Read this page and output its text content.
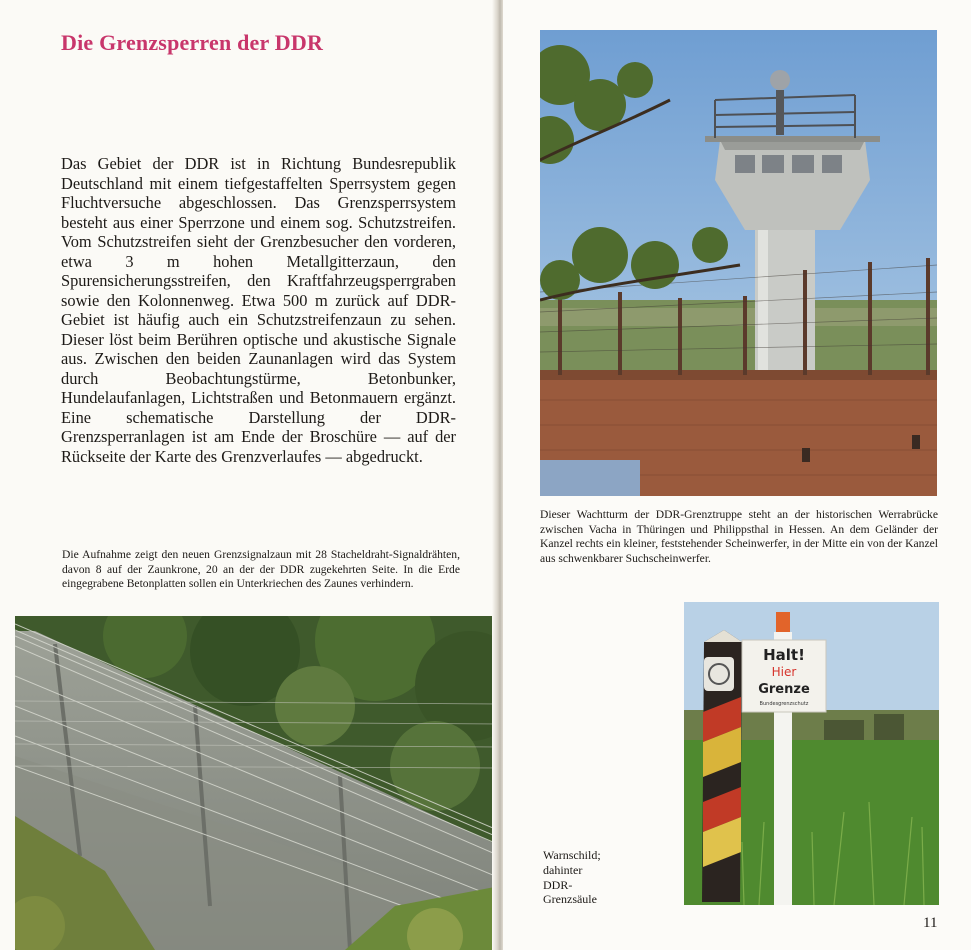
Die Grenzsperren der DDR

Das Gebiet der DDR ist in Richtung Bundesrepublik Deutschland mit einem tiefgestaffelten Sperrsystem gegen Fluchtversuche abgeschlossen. Das Grenzsperrsystem besteht aus einer Sperrzone und einem sog. Schutzstreifen. Vom Schutzstreifen sieht der Grenzbesucher den vorderen, etwa 3 m hohen Metallgitterzaun, den Spurensicherungsstreifen, den Kraftfahrzeugsperrgraben sowie den Kolonnenweg. Etwa 500 m zurück auf DDR-Gebiet ist häufig auch ein Schutzstreifenzaun zu sehen. Dieser löst beim Berühren optische und akustische Signale aus. Zwischen den beiden Zaunanlagen wird das System durch Beobachtungstürme, Betonbunker, Hundelaufanlagen, Lichtstraßen und Betonmauern ergänzt. Eine schematische Darstellung der DDR-Grenzsperranlagen ist am Ende der Broschüre — auf der Rückseite der Karte des Grenzverlaufes — abgedruckt.

Die Aufnahme zeigt den neuen Grenzsignalzaun mit 28 Stacheldraht-Signaldrähten, davon 8 auf der Zaunkrone, 20 an der der DDR zugekehrten Seite. In die Erde eingegrabene Betonplatten sollen ein Unterkriechen des Zaunes verhindern.

Dieser Wachtturm der DDR-Grenztruppe steht an der historischen Werrabrücke zwischen Vacha in Thüringen und Philippsthal in Hessen. An dem Geländer der Kanzel rechts ein kleiner, feststehender Scheinwerfer, in der Mitte ein von der Kanzel aus schwenkbarer Suchscheinwerfer.

Halt!
Hier
Grenze
Bundesgrenzschutz

Warnschild;
dahinter
DDR-
Grenzsäule

11
